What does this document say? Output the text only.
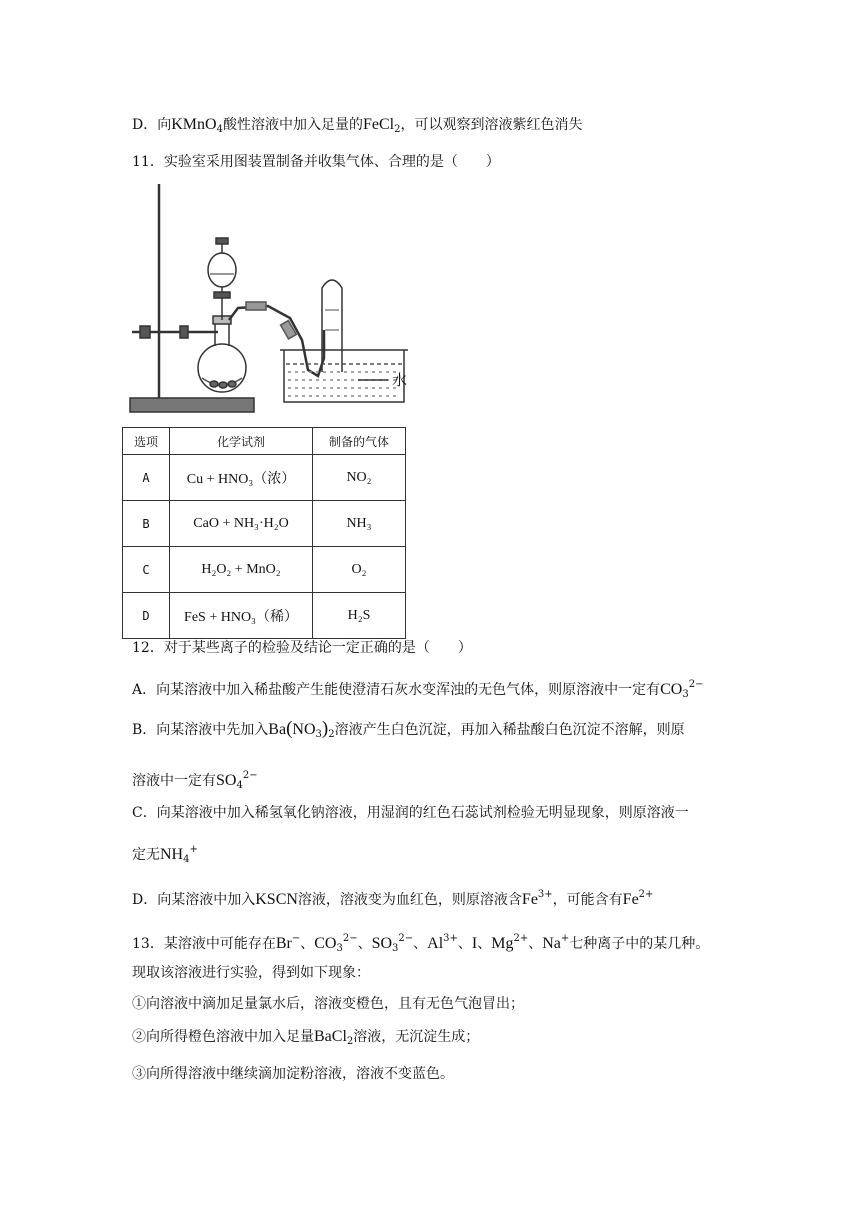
D．向KMnO$_4$酸性溶液中加入足量的FeCl$_2$，可以观察到溶液紫红色消失
11．实验室采用图装置制备并收集气体、合理的是（　　）
水
选项	化学试剂	制备的气体
A	Cu + HNO₃（浓）	NO₂
B	CaO + NH₃·H₂O	NH₃
C	H₂O₂ + MnO₂	O₂
D	FeS + HNO₃（稀）	H₂S
12．对于某些离子的检验及结论一定正确的是（　　）
A．向某溶液中加入稀盐酸产生能使澄清石灰水变浑浊的无色气体，则原溶液中一定有$CO_3^{2-}$
B．向某溶液中先加入$Ba(NO_3)_2$溶液产生白色沉淀，再加入稀盐酸白色沉淀不溶解，则原
溶液中一定有$SO_4^{2-}$
C．向某溶液中加入稀氢氧化钠溶液，用湿润的红色石蕊试剂检验无明显现象，则原溶液一
定无$NH_4^+$
D．向某溶液中加入KSCN溶液，溶液变为血红色，则原溶液含$Fe^{3+}$，可能含有$Fe^{2+}$
13．某溶液中可能存在Br−、$CO_3^{2-}$、$SO_3^{2-}$、$Al^{3+}$、I、$Mg^{2+}$、Na+七种离子中的某几种。
现取该溶液进行实验，得到如下现象：
①向溶液中滴加足量氯水后，溶液变橙色，且有无色气泡冒出；
②向所得橙色溶液中加入足量BaCl$_2$溶液，无沉淀生成；
③向所得溶液中继续滴加淀粉溶液，溶液不变蓝色。
